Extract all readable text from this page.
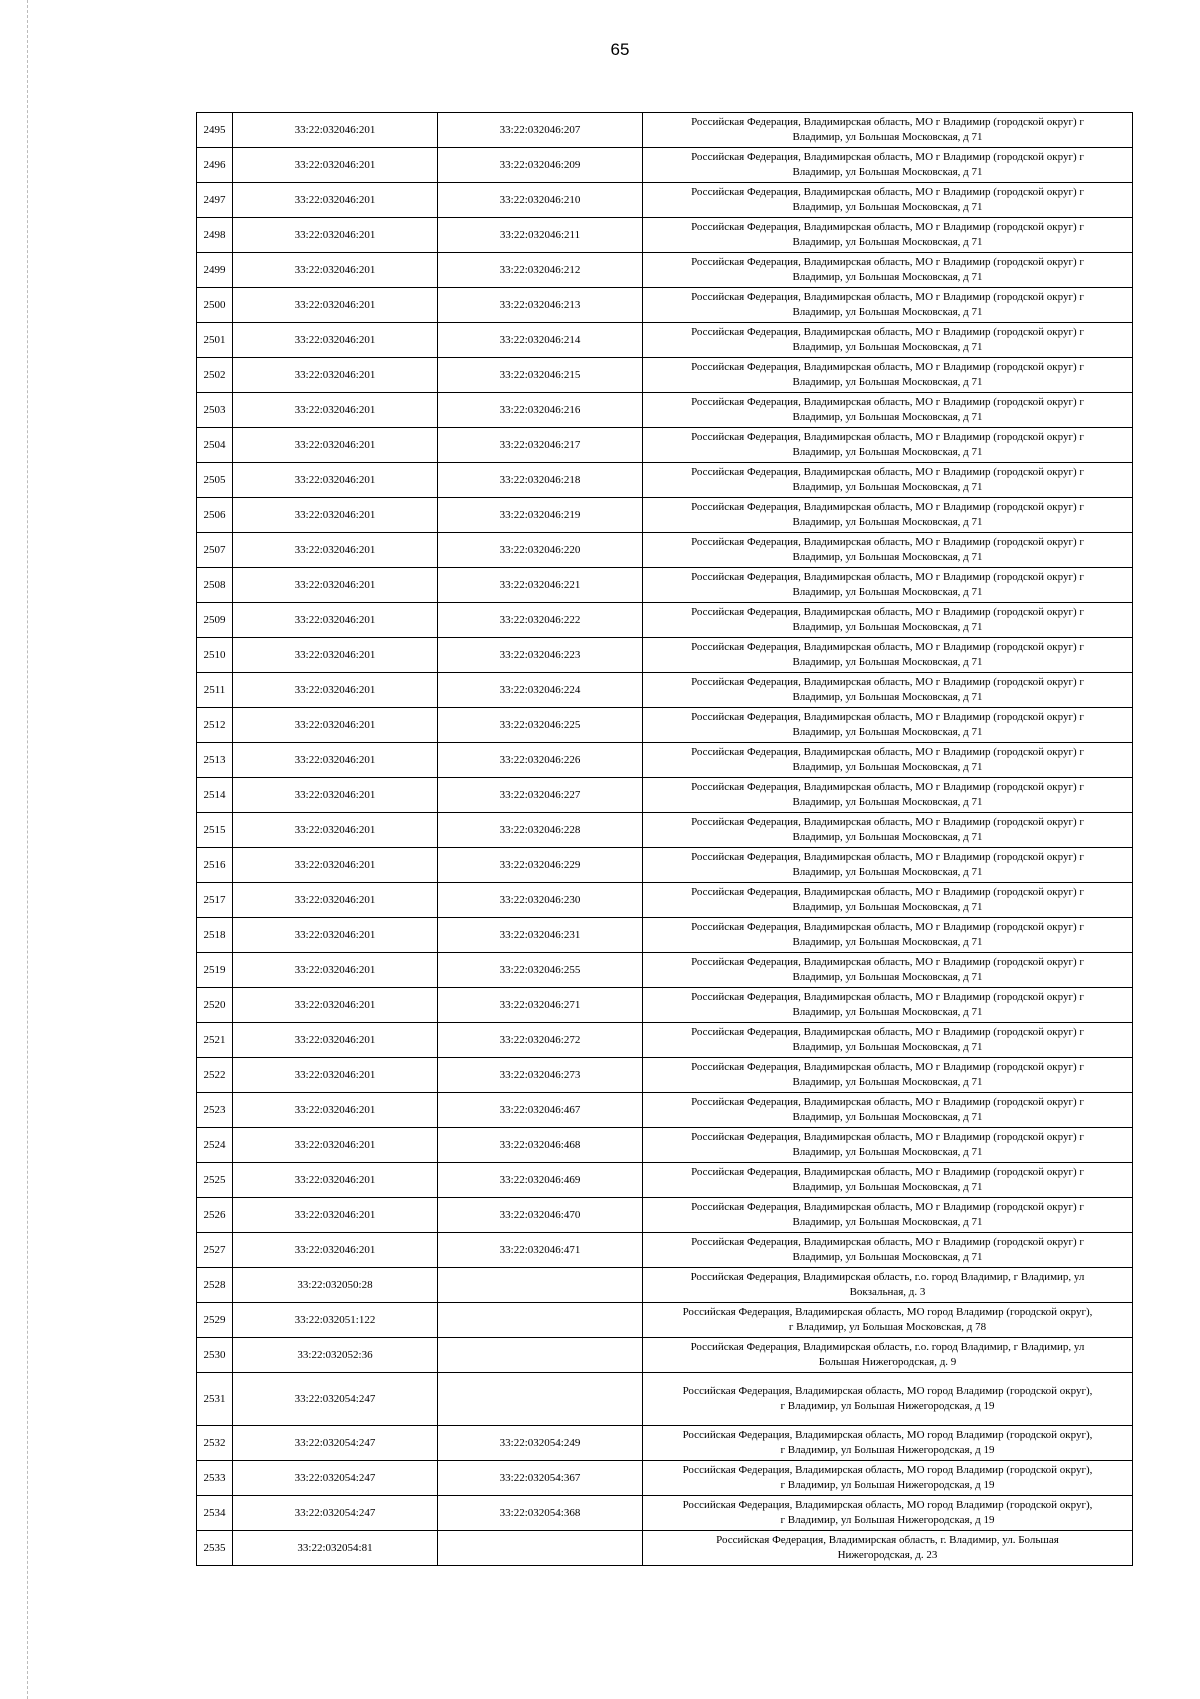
65
2495	33:22:032046:201	33:22:032046:207	Российская Федерация, Владимирская область, МО г Владимир (городской округ) г
Владимир, ул Большая Московская, д 71

2496	33:22:032046:201	33:22:032046:209	Российская Федерация, Владимирская область, МО г Владимир (городской округ) г
Владимир, ул Большая Московская, д 71

2497	33:22:032046:201	33:22:032046:210	Российская Федерация, Владимирская область, МО г Владимир (городской округ) г
Владимир, ул Большая Московская, д 71

2498	33:22:032046:201	33:22:032046:211	Российская Федерация, Владимирская область, МО г Владимир (городской округ) г
Владимир, ул Большая Московская, д 71

2499	33:22:032046:201	33:22:032046:212	Российская Федерация, Владимирская область, МО г Владимир (городской округ) г
Владимир, ул Большая Московская, д 71

2500	33:22:032046:201	33:22:032046:213	Российская Федерация, Владимирская область, МО г Владимир (городской округ) г
Владимир, ул Большая Московская, д 71

2501	33:22:032046:201	33:22:032046:214	Российская Федерация, Владимирская область, МО г Владимир (городской округ) г
Владимир, ул Большая Московская, д 71

2502	33:22:032046:201	33:22:032046:215	Российская Федерация, Владимирская область, МО г Владимир (городской округ) г
Владимир, ул Большая Московская, д 71

2503	33:22:032046:201	33:22:032046:216	Российская Федерация, Владимирская область, МО г Владимир (городской округ) г
Владимир, ул Большая Московская, д 71

2504	33:22:032046:201	33:22:032046:217	Российская Федерация, Владимирская область, МО г Владимир (городской округ) г
Владимир, ул Большая Московская, д 71

2505	33:22:032046:201	33:22:032046:218	Российская Федерация, Владимирская область, МО г Владимир (городской округ) г
Владимир, ул Большая Московская, д 71

2506	33:22:032046:201	33:22:032046:219	Российская Федерация, Владимирская область, МО г Владимир (городской округ) г
Владимир, ул Большая Московская, д 71

2507	33:22:032046:201	33:22:032046:220	Российская Федерация, Владимирская область, МО г Владимир (городской округ) г
Владимир, ул Большая Московская, д 71

2508	33:22:032046:201	33:22:032046:221	Российская Федерация, Владимирская область, МО г Владимир (городской округ) г
Владимир, ул Большая Московская, д 71

2509	33:22:032046:201	33:22:032046:222	Российская Федерация, Владимирская область, МО г Владимир (городской округ) г
Владимир, ул Большая Московская, д 71

2510	33:22:032046:201	33:22:032046:223	Российская Федерация, Владимирская область, МО г Владимир (городской округ) г
Владимир, ул Большая Московская, д 71

2511	33:22:032046:201	33:22:032046:224	Российская Федерация, Владимирская область, МО г Владимир (городской округ) г
Владимир, ул Большая Московская, д 71

2512	33:22:032046:201	33:22:032046:225	Российская Федерация, Владимирская область, МО г Владимир (городской округ) г
Владимир, ул Большая Московская, д 71

2513	33:22:032046:201	33:22:032046:226	Российская Федерация, Владимирская область, МО г Владимир (городской округ) г
Владимир, ул Большая Московская, д 71

2514	33:22:032046:201	33:22:032046:227	Российская Федерация, Владимирская область, МО г Владимир (городской округ) г
Владимир, ул Большая Московская, д 71

2515	33:22:032046:201	33:22:032046:228	Российская Федерация, Владимирская область, МО г Владимир (городской округ) г
Владимир, ул Большая Московская, д 71

2516	33:22:032046:201	33:22:032046:229	Российская Федерация, Владимирская область, МО г Владимир (городской округ) г
Владимир, ул Большая Московская, д 71

2517	33:22:032046:201	33:22:032046:230	Российская Федерация, Владимирская область, МО г Владимир (городской округ) г
Владимир, ул Большая Московская, д 71

2518	33:22:032046:201	33:22:032046:231	Российская Федерация, Владимирская область, МО г Владимир (городской округ) г
Владимир, ул Большая Московская, д 71

2519	33:22:032046:201	33:22:032046:255	Российская Федерация, Владимирская область, МО г Владимир (городской округ) г
Владимир, ул Большая Московская, д 71

2520	33:22:032046:201	33:22:032046:271	Российская Федерация, Владимирская область, МО г Владимир (городской округ) г
Владимир, ул Большая Московская, д 71

2521	33:22:032046:201	33:22:032046:272	Российская Федерация, Владимирская область, МО г Владимир (городской округ) г
Владимир, ул Большая Московская, д 71

2522	33:22:032046:201	33:22:032046:273	Российская Федерация, Владимирская область, МО г Владимир (городской округ) г
Владимир, ул Большая Московская, д 71

2523	33:22:032046:201	33:22:032046:467	Российская Федерация, Владимирская область, МО г Владимир (городской округ) г
Владимир, ул Большая Московская, д 71

2524	33:22:032046:201	33:22:032046:468	Российская Федерация, Владимирская область, МО г Владимир (городской округ) г
Владимир, ул Большая Московская, д 71

2525	33:22:032046:201	33:22:032046:469	Российская Федерация, Владимирская область, МО г Владимир (городской округ) г
Владимир, ул Большая Московская, д 71

2526	33:22:032046:201	33:22:032046:470	Российская Федерация, Владимирская область, МО г Владимир (городской округ) г
Владимир, ул Большая Московская, д 71

2527	33:22:032046:201	33:22:032046:471	Российская Федерация, Владимирская область, МО г Владимир (городской округ) г
Владимир, ул Большая Московская, д 71

2528	33:22:032050:28		Российская Федерация, Владимирская область, г.о. город Владимир, г Владимир, ул
Вокзальная, д. 3

2529	33:22:032051:122		Российская Федерация, Владимирская область, МО город Владимир (городской округ),
г Владимир, ул Большая Московская, д 78

2530	33:22:032052:36		Российская Федерация, Владимирская область, г.о. город Владимир, г Владимир, ул
Большая Нижегородская, д. 9

2531	33:22:032054:247		Российская Федерация, Владимирская область, МО город Владимир (городской округ),
г Владимир, ул Большая Нижегородская, д 19

2532	33:22:032054:247	33:22:032054:249	Российская Федерация, Владимирская область, МО город Владимир (городской округ),
г Владимир, ул Большая Нижегородская, д 19

2533	33:22:032054:247	33:22:032054:367	Российская Федерация, Владимирская область, МО город Владимир (городской округ),
г Владимир, ул Большая Нижегородская, д 19

2534	33:22:032054:247	33:22:032054:368	Российская Федерация, Владимирская область, МО город Владимир (городской округ),
г Владимир, ул Большая Нижегородская, д 19

2535	33:22:032054:81		Российская Федерация, Владимирская область, г. Владимир, ул. Большая
Нижегородская, д. 23
